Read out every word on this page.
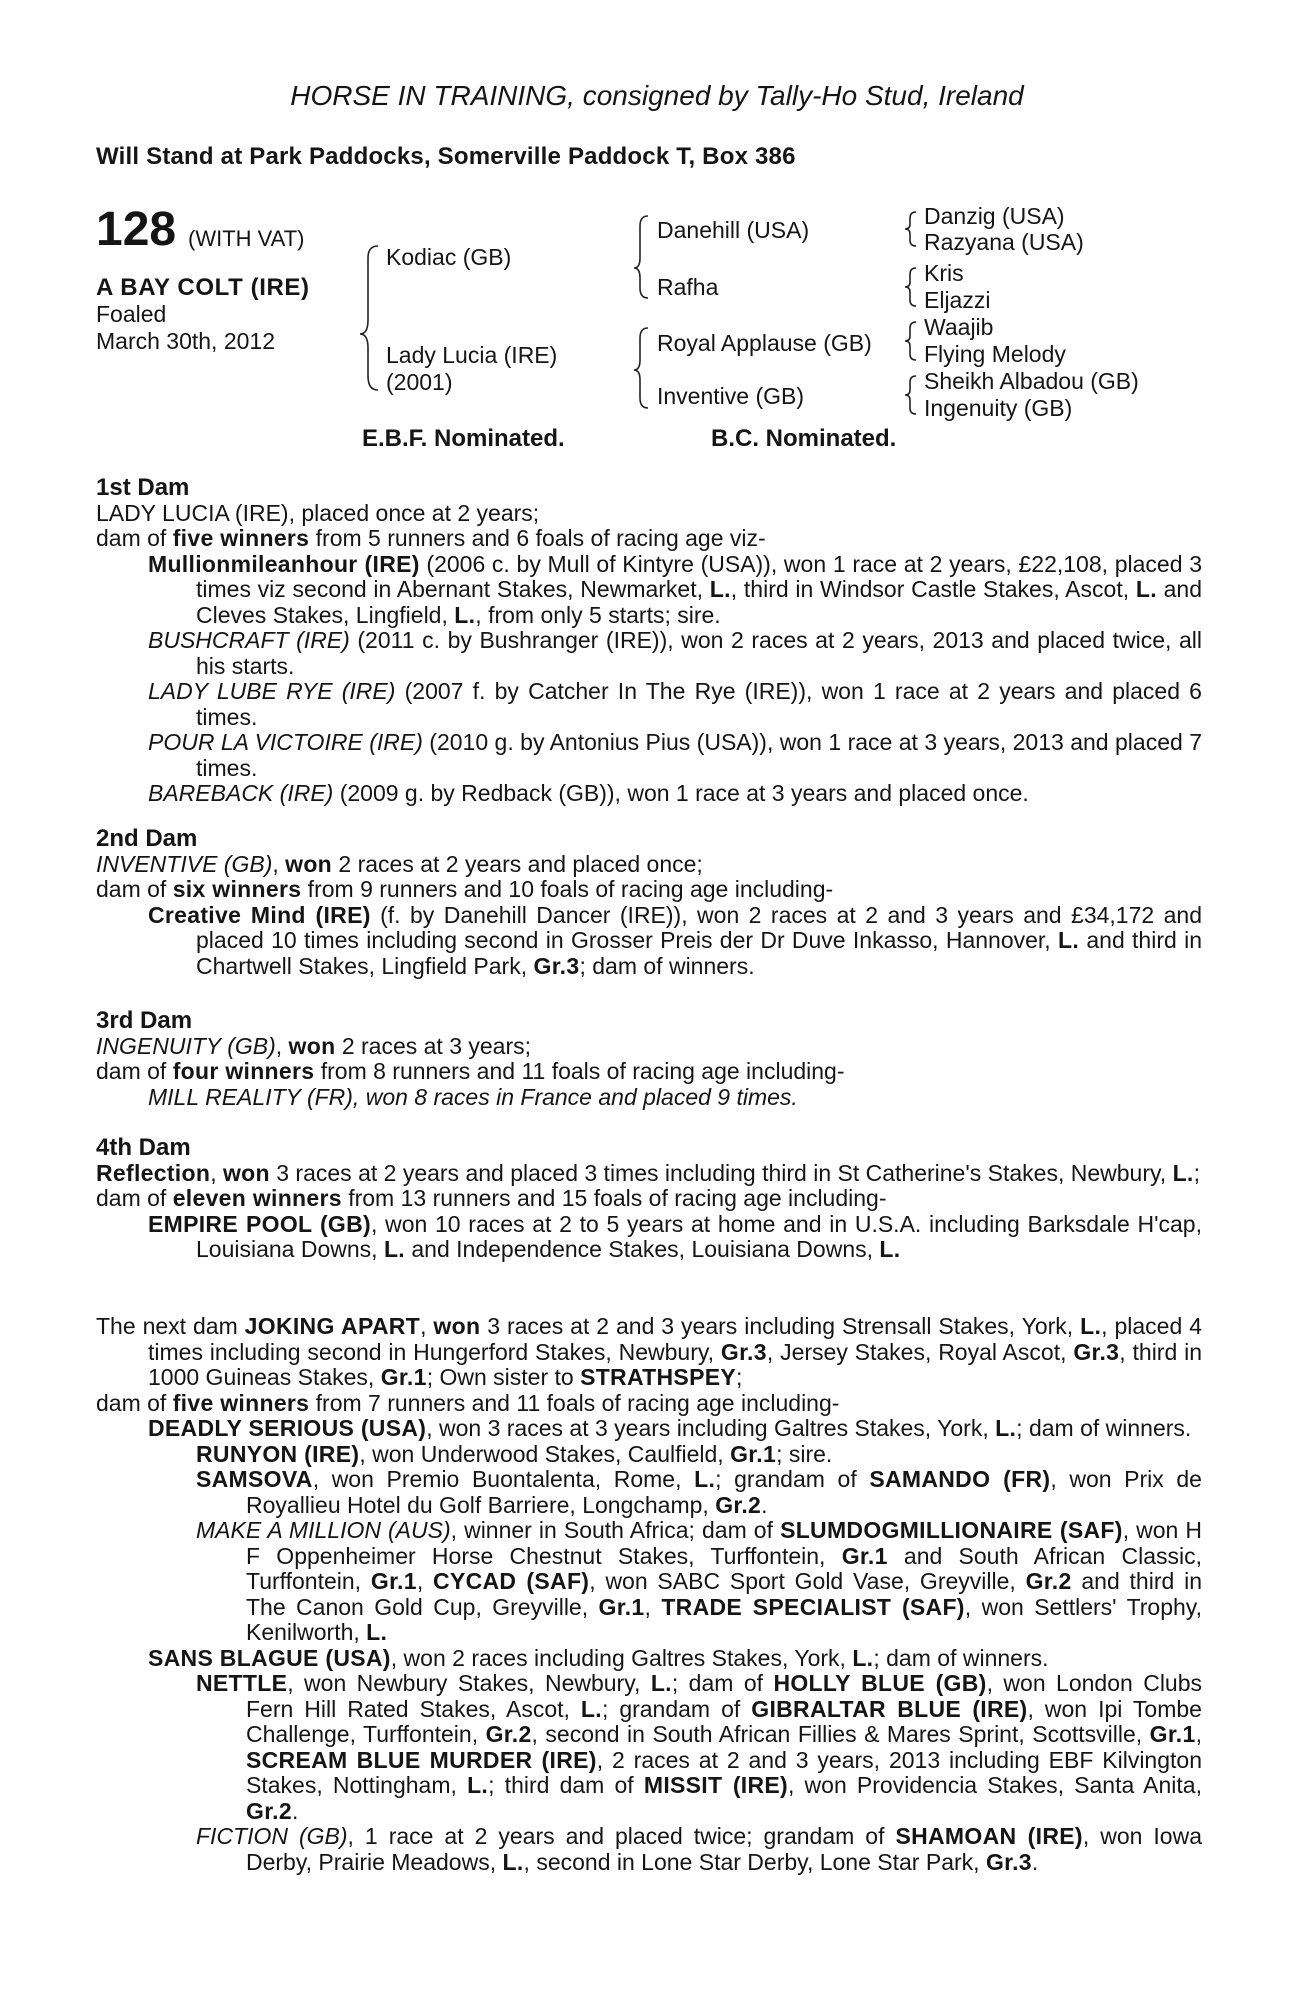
HORSE IN TRAINING, consigned by Tally-Ho Stud, Ireland
Will Stand at Park Paddocks, Somerville Paddock T, Box 386
128 (WITH VAT)
A BAY COLT (IRE)
Foaled
March 30th, 2012
Kodiac (GB)
Lady Lucia (IRE)
(2001)
Danehill (USA)
Rafha
Royal Applause (GB)
Inventive (GB)
Danzig (USA)
Razyana (USA)
Kris
Eljazzi
Waajib
Flying Melody
Sheikh Albadou (GB)
Ingenuity (GB)
E.B.F. Nominated.	B.C. Nominated.

1st Dam

LADY LUCIA (IRE), placed once at 2 years;

dam of five winners from 5 runners and 6 foals of racing age viz-

Mullionmileanhour (IRE) (2006 c. by Mull of Kintyre (USA)), won 1 race at 2 years, £22,108, placed 3 times viz second in Abernant Stakes, Newmarket, L., third in Windsor Castle Stakes, Ascot, L. and Cleves Stakes, Lingfield, L., from only 5 starts; sire.

BUSHCRAFT (IRE) (2011 c. by Bushranger (IRE)), won 2 races at 2 years, 2013 and placed twice, all his starts.

LADY LUBE RYE (IRE) (2007 f. by Catcher In The Rye (IRE)), won 1 race at 2 years and placed 6 times.

POUR LA VICTOIRE (IRE) (2010 g. by Antonius Pius (USA)), won 1 race at 3 years, 2013 and placed 7 times.

BAREBACK (IRE) (2009 g. by Redback (GB)), won 1 race at 3 years and placed once.

2nd Dam

INVENTIVE (GB), won 2 races at 2 years and placed once;

dam of six winners from 9 runners and 10 foals of racing age including-

Creative Mind (IRE) (f. by Danehill Dancer (IRE)), won 2 races at 2 and 3 years and £34,172 and placed 10 times including second in Grosser Preis der Dr Duve Inkasso, Hannover, L. and third in Chartwell Stakes, Lingfield Park, Gr.3; dam of winners.

3rd Dam

INGENUITY (GB), won 2 races at 3 years;

dam of four winners from 8 runners and 11 foals of racing age including-

MILL REALITY (FR), won 8 races in France and placed 9 times.

4th Dam

Reflection, won 3 races at 2 years and placed 3 times including third in St Catherine's Stakes, Newbury, L.;

dam of eleven winners from 13 runners and 15 foals of racing age including-

EMPIRE POOL (GB), won 10 races at 2 to 5 years at home and in U.S.A. including Barksdale H'cap, Louisiana Downs, L. and Independence Stakes, Louisiana Downs, L.

The next dam JOKING APART, won 3 races at 2 and 3 years including Strensall Stakes, York, L., placed 4 times including second in Hungerford Stakes, Newbury, Gr.3, Jersey Stakes, Royal Ascot, Gr.3, third in 1000 Guineas Stakes, Gr.1; Own sister to STRATHSPEY;

dam of five winners from 7 runners and 11 foals of racing age including-

DEADLY SERIOUS (USA), won 3 races at 3 years including Galtres Stakes, York, L.; dam of winners.

RUNYON (IRE), won Underwood Stakes, Caulfield, Gr.1; sire.

SAMSOVA, won Premio Buontalenta, Rome, L.; grandam of SAMANDO (FR), won Prix de Royallieu Hotel du Golf Barriere, Longchamp, Gr.2.

MAKE A MILLION (AUS), winner in South Africa; dam of SLUMDOGMILLIONAIRE (SAF), won H F Oppenheimer Horse Chestnut Stakes, Turffontein, Gr.1 and South African Classic, Turffontein, Gr.1, CYCAD (SAF), won SABC Sport Gold Vase, Greyville, Gr.2 and third in The Canon Gold Cup, Greyville, Gr.1, TRADE SPECIALIST (SAF), won Settlers' Trophy, Kenilworth, L.

SANS BLAGUE (USA), won 2 races including Galtres Stakes, York, L.; dam of winners.

NETTLE, won Newbury Stakes, Newbury, L.; dam of HOLLY BLUE (GB), won London Clubs Fern Hill Rated Stakes, Ascot, L.; grandam of GIBRALTAR BLUE (IRE), won Ipi Tombe Challenge, Turffontein, Gr.2, second in South African Fillies & Mares Sprint, Scottsville, Gr.1, SCREAM BLUE MURDER (IRE), 2 races at 2 and 3 years, 2013 including EBF Kilvington Stakes, Nottingham, L.; third dam of MISSIT (IRE), won Providencia Stakes, Santa Anita, Gr.2.

FICTION (GB), 1 race at 2 years and placed twice; grandam of SHAMOAN (IRE), won Iowa Derby, Prairie Meadows, L., second in Lone Star Derby, Lone Star Park, Gr.3.
